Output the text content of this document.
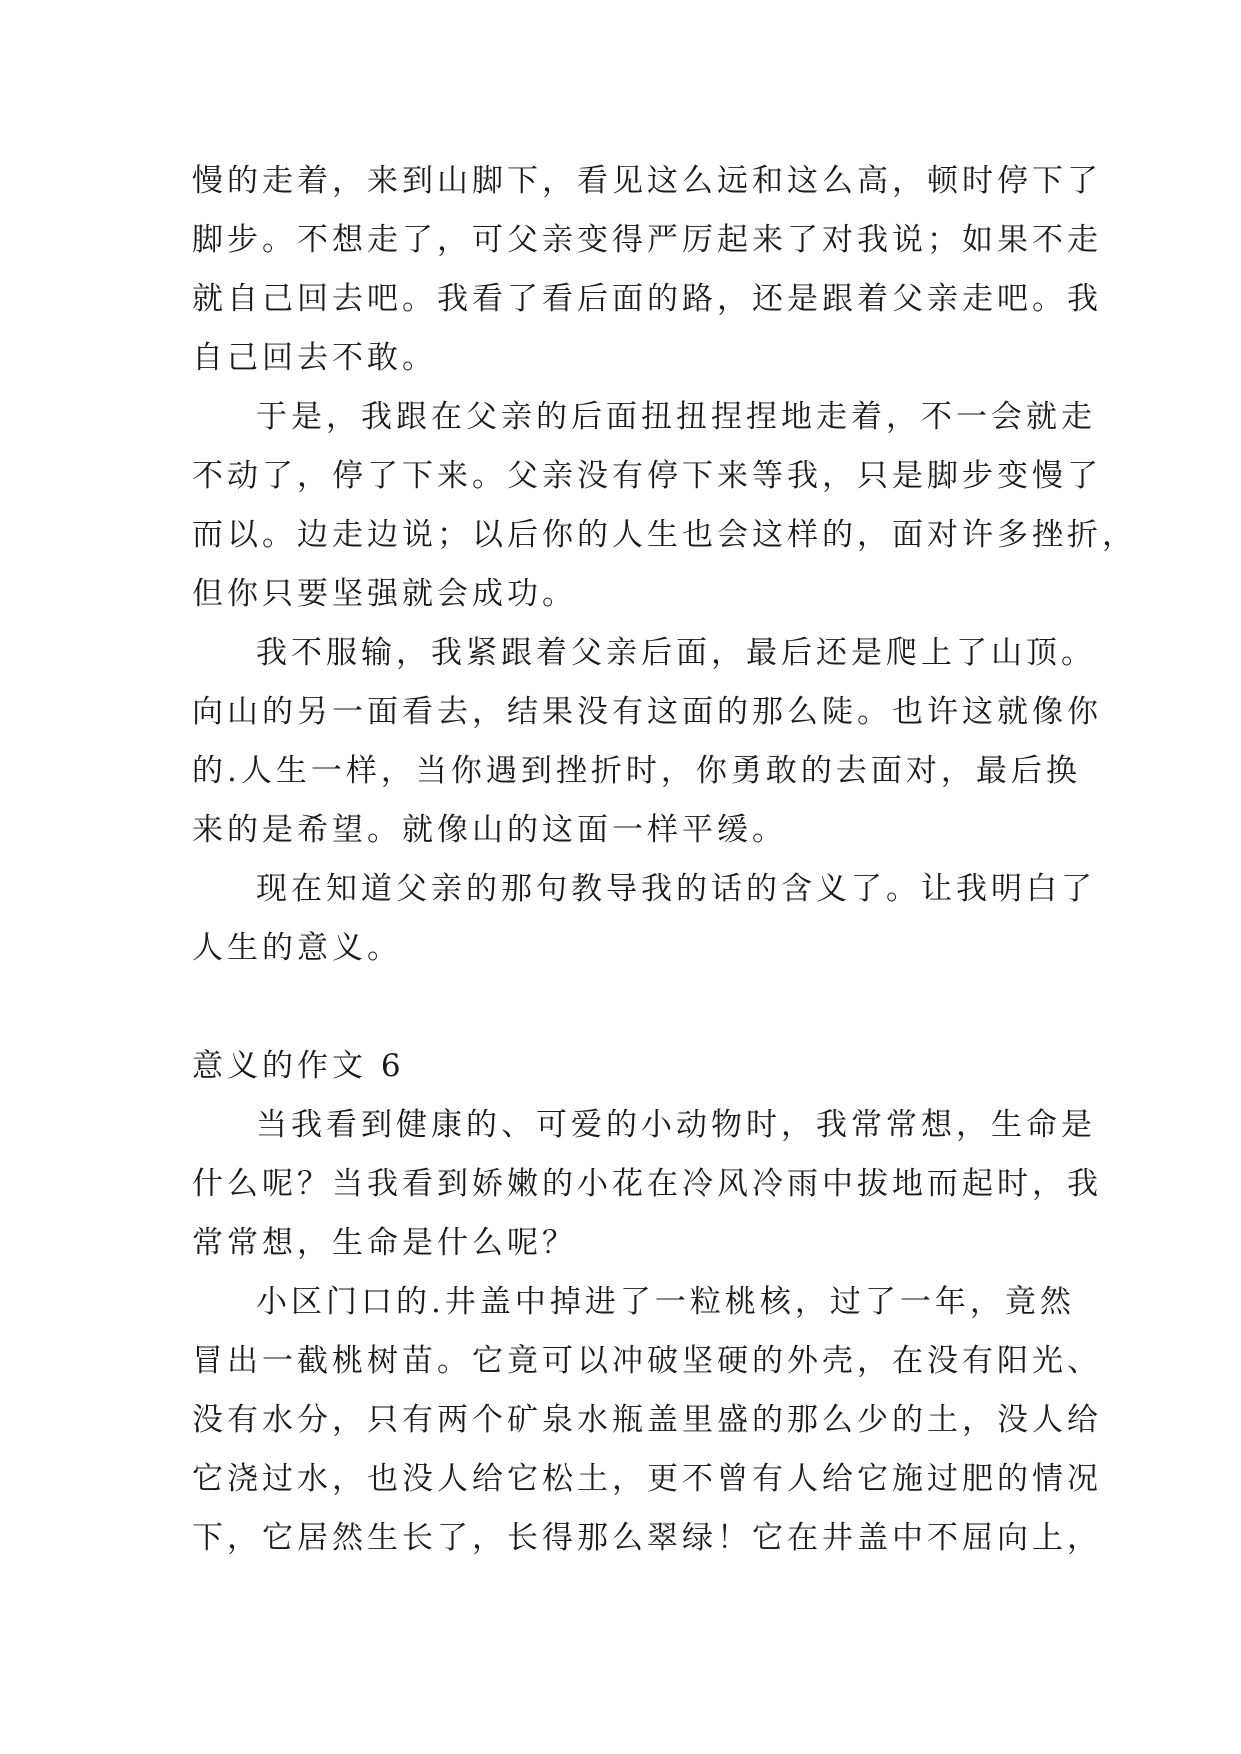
慢的走着，来到山脚下，看见这么远和这么高，顿时停下了
脚步。不想走了，可父亲变得严厉起来了对我说；如果不走
就自己回去吧。我看了看后面的路，还是跟着父亲走吧。我
自己回去不敢。
于是，我跟在父亲的后面扭扭捏捏地走着，不一会就走
不动了，停了下来。父亲没有停下来等我，只是脚步变慢了
而以。边走边说；以后你的人生也会这样的，面对许多挫折，
但你只要坚强就会成功。
我不服输，我紧跟着父亲后面，最后还是爬上了山顶。
向山的另一面看去，结果没有这面的那么陡。也许这就像你
的.人生一样，当你遇到挫折时，你勇敢的去面对，最后换
来的是希望。就像山的这面一样平缓。
现在知道父亲的那句教导我的话的含义了。让我明白了
人生的意义。
意义的作文 6
当我看到健康的、可爱的小动物时，我常常想，生命是
什么呢？当我看到娇嫩的小花在冷风冷雨中拔地而起时，我
常常想，生命是什么呢？
小区门口的.井盖中掉进了一粒桃核，过了一年，竟然
冒出一截桃树苗。它竟可以冲破坚硬的外壳，在没有阳光、
没有水分，只有两个矿泉水瓶盖里盛的那么少的土，没人给
它浇过水，也没人给它松土，更不曾有人给它施过肥的情况
下，它居然生长了，长得那么翠绿！它在井盖中不屈向上，
